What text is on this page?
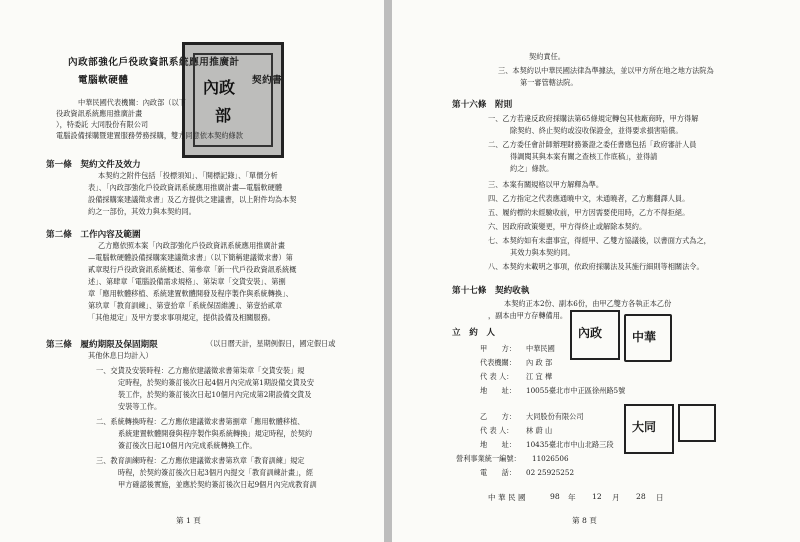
內政部強化戶役政資訊系統應用推廣計
電腦軟硬體	契約書
內政
部
中華民國代表機關：內政部（以下
役政資訊系統應用推廣計畫
），特委託 大同股份有限公司
電腦設備採購暨建置服務勞務採購，雙方同意依本契約條款
第一條　契約文件及效力
本契約之附件包括「投標須知」、「開標記錄」、「單價分析
表」、「內政部強化戶役政資訊系統應用推廣計畫—電腦軟硬體
設備採購案建議徵求書」及乙方提供之建議書，以上附件均為本契
約之一部份，其效力與本契約同。
第二條　工作內容及範圍
乙方應依照本案「內政部強化戶役政資訊系統應用推廣計畫
—電腦軟硬體設備採購案建議徵求書」（以下簡稱建議徵求書）第
貳章現行戶役政資訊系統概述、第參章「新一代戶役政資訊系統概
述」、第肆章「電腦設備需求規格」、第柒章「交貨安裝」、第捌
章「應用軟體移植、系統建置軟體開發及程序製作與系統轉換」、
第玖章「教育訓練」、第壹拾章「系統保固維護」、第壹拾貳章
「其他規定」及甲方要求事項規定，提供設備及相關服務。
第三條　履約期限及保固期限	（以日曆天計，星期例假日，國定假日或
其他休息日均計入）
一、交貨及安裝時程：乙方應依建議徵求書第柒章「交貨安裝」規
定時程，於契約簽訂後次日起4個月內完成第1期設備交貨及安
裝工作，於契約簽訂後次日起10個月內完成第2期設備交貨及
安裝等工作。
二、系統轉換時程：乙方應依建議徵求書第捌章「應用軟體移植、
系統建置軟體開發與程序製作與系統轉換」規定時程，於契約
簽訂後次日起10個月內完成系統轉換工作。
三、教育訓練時程：乙方應依建議徵求書第玖章「教育訓練」規定
時程，於契約簽訂後次日起3個月內提交「教育訓練計畫」，經
甲方確認後實施，並應於契約簽訂後次日起9個月內完成教育訓
第 1 頁
契約責任。
三、本契約以中華民國法律為準據法，並以甲方所在地之地方法院為
第一審管轄法院。
第十六條　附則
一、乙方若違反政府採購法第65條規定轉包其他廠商時，甲方得解
除契約、終止契約或沒收保證金，並得要求損害賠償。
二、乙方委任會計師辦理財務簽證之委任書應包括「政府審計人員
得調閱其與本案有關之查核工作底稿」，並得請
約之」條款。
三、本案有關規格以甲方解釋為準。
四、乙方指定之代表應通曉中文，未通曉者，乙方應翻譯人員。
五、履約標的未經驗收前，甲方因需要使用時，乙方不得拒絕。
六、因政府政策變更，甲方得終止或解除本契約。
七、本契約如有未盡事宜，得經甲、乙雙方協議後，以書面方式為之，
其效力與本契約同。
八、本契約未載明之事項，依政府採購法及其施行細則等相關法令。
第十七條　契約收執
本契約正本2份、副本6份，由甲乙雙方各執正本乙份
，副本由甲方存轉備用。
立　約　人
甲　　方： 中華民國
代表機關： 內 政 部
代 表 人： 江 宜 樺
地　　址： 10055臺北市中正區徐州路5號
內政 中華
乙　　方： 大同股份有限公司
代 表 人： 林 蔚 山
地　　址： 10435臺北市中山北路三段
營利事業統一編號： 11026506
電　　話： 02 25925252
大同
中 華 民 國	98 年 12 月 28 日
第 8 頁
